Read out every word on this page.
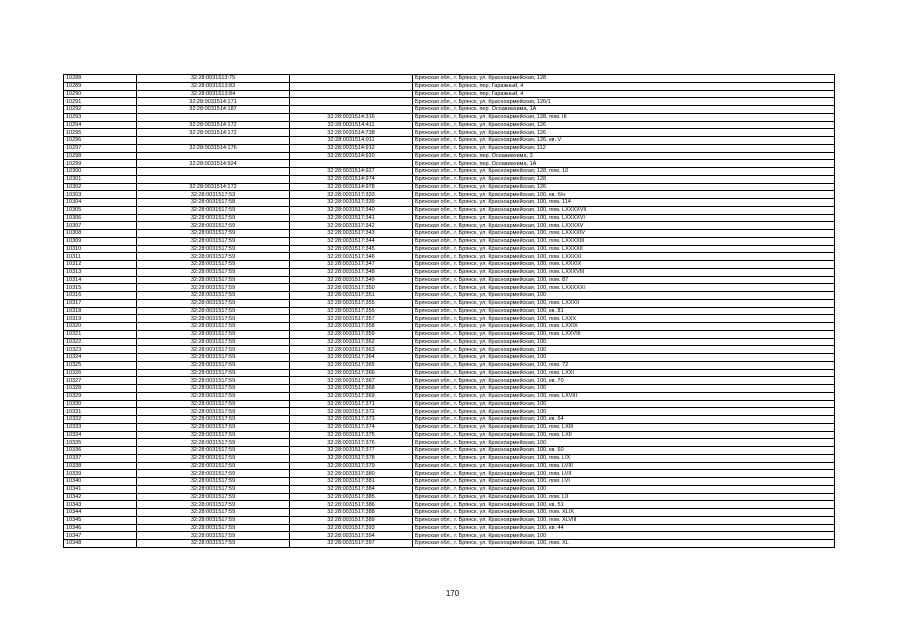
10288	32:28:0031513:75		Брянская обл., г. Брянск, ул. Красноармейская, 128
10289	32:28:0031513:83		Брянская обл., г. Брянск, пер. Гаражный, 4
10290	32:28:0031513:84		Брянская обл., г. Брянск, пер. Гаражный, 4
10291	32:28:0031514:171		Брянская обл., г. Брянск, ул. Красноармейская, 126/1
10292	32:28:0031514:187		Брянская обл., г. Брянск, пер. Осоавиахима, 1А
10293		32:28:0031514:316	Брянская обл., г. Брянск, ул. Красноармейская, 128, пом. III
10294	32:28:0031514:172	32:28:0031514:411	Брянская обл., г. Брянск, ул. Красноармейская, 126
10295	32:28:0031514:172	32:28:0031514:738	Брянская обл., г. Брянск, ул. Красноармейская, 126
10296		32:28:0031514:911	Брянская обл., г. Брянск, ул. Красноармейская, 126, кв. V
10297	32:28:0031514:176	32:28:0031514:912	Брянская обл., г. Брянск, ул. Красноармейская, 112
10298		32:28:0031514:920	Брянская обл., г. Брянск, пер. Осоавиахима, 3
10299	32:28:0031514:924		Брянская обл., г. Брянск, пер. Осоавиахима, 1А
10300		32:28:0031514:927	Брянская обл., г. Брянск, ул. Красноармейская, 128, пом. 10
10301		32:28:0031514:974	Брянская обл., г. Брянск, ул. Красноармейская, 128
10302	32:28:0031514:172	32:28:0031514:978	Брянская обл., г. Брянск, ул. Красноармейская, 126
10303	32:28:0031517:53	32:28:0031517:333	Брянская обл., г. Брянск, ул. Красноармейская, 100, кв. б/н
10304	32:28:0031517:58	32:28:0031517:339	Брянская обл., г. Брянск, ул. Красноармейская, 100, пом. 114
10305	32:28:0031517:59	32:28:0031517:340	Брянская обл., г. Брянск, ул. Красноармейская, 100, пом. LXXXXVII
10306	32:28:0031517:59	32:28:0031517:341	Брянская обл., г. Брянск, ул. Красноармейская, 100, пом. LXXXXVI
10307	32:28:0031517:59	32:28:0031517:342	Брянская обл., г. Брянск, ул. Красноармейская, 100, пом. LXXXXV
10308	32:28:0031517:59	32:28:0031517:343	Брянская обл., г. Брянск, ул. Красноармейская, 100, пом. LXXXXIV
10309	32:28:0031517:59	32:28:0031517:344	Брянская обл., г. Брянск, ул. Красноармейская, 100, пом. LXXXXIII
10310	32:28:0031517:59	32:28:0031517:345	Брянская обл., г. Брянск, ул. Красноармейская, 100, пом. LXXXXII
10311	32:28:0031517:59	32:28:0031517:346	Брянская обл., г. Брянск, ул. Красноармейская, 100, пом. LXXXXI
10312	32:28:0031517:59	32:28:0031517:347	Брянская обл., г. Брянск, ул. Красноармейская, 100, пом. LXXXIX
10313	32:28:0031517:59	32:28:0031517:348	Брянская обл., г. Брянск, ул. Красноармейская, 100, пом. LXXXVIII
10314	32:28:0031517:59	32:28:0031517:349	Брянская обл., г. Брянск, ул. Красноармейская, 100, пом. 87
10315	32:28:0031517:59	32:28:0031517:350	Брянская обл., г. Брянск, ул. Красноармейская, 100, пом. LXXXXXI
10316	32:28:0031517:59	32:28:0031517:351	Брянская обл., г. Брянск, ул. Красноармейская, 100
10317	32:28:0031517:59	32:28:0031517:355	Брянская обл., г. Брянск, ул. Красноармейская, 100, пом. LXXXII
10318	32:28:0031517:59	32:28:0031517:356	Брянская обл., г. Брянск, ул. Красноармейская, 100, кв. 81
10319	32:28:0031517:59	32:28:0031517:357	Брянская обл., г. Брянск, ул. Красноармейская, 100, пом. LXXX
10320	32:28:0031517:59	32:28:0031517:358	Брянская обл., г. Брянск, ул. Красноармейская, 100, пом. LXXIX
10321	32:28:0031517:59	32:28:0031517:359	Брянская обл., г. Брянск, ул. Красноармейская, 100, пом. LXXVIII
10322	32:28:0031517:59	32:28:0031517:362	Брянская обл., г. Брянск, ул. Красноармейская, 100
10323	32:28:0031517:59	32:28:0031517:363	Брянская обл., г. Брянск, ул. Красноармейская, 100
10324	32:28:0031517:59	32:28:0031517:364	Брянская обл., г. Брянск, ул. Красноармейская, 100
10325	32:28:0031517:59	32:28:0031517:365	Брянская обл., г. Брянск, ул. Красноармейская, 100, пом. 72
10326	32:28:0031517:59	32:28:0031517:366	Брянская обл., г. Брянск, ул. Красноармейская, 100, пом. LXXI
10327	32:28:0031517:59	32:28:0031517:367	Брянская обл., г. Брянск, ул. Красноармейская, 100, кв. 70
10328	32:28:0031517:59	32:28:0031517:368	Брянская обл., г. Брянск, ул. Красноармейская, 100
10329	32:28:0031517:59	32:28:0031517:369	Брянская обл., г. Брянск, ул. Красноармейская, 100, пом. LXVIII
10330	32:28:0031517:59	32:28:0031517:371	Брянская обл., г. Брянск, ул. Красноармейская, 100
10331	32:28:0031517:59	32:28:0031517:372	Брянская обл., г. Брянск, ул. Красноармейская, 100
10332	32:28:0031517:59	32:28:0031517:373	Брянская обл., г. Брянск, ул. Красноармейская, 100, кв. 64
10333	32:28:0031517:59	32:28:0031517:374	Брянская обл., г. Брянск, ул. Красноармейская, 100, пом. LXIII
10334	32:28:0031517:59	32:28:0031517:375	Брянская обл., г. Брянск, ул. Красноармейская, 100, пом. LXII
10335	32:28:0031517:59	32:28:0031517:376	Брянская обл., г. Брянск, ул. Красноармейская, 100
10336	32:28:0031517:59	32:28:0031517:377	Брянская обл., г. Брянск, ул. Красноармейская, 100, кв. 60
10337	32:28:0031517:59	32:28:0031517:378	Брянская обл., г. Брянск, ул. Красноармейская, 100, пом. LIX
10338	32:28:0031517:59	32:28:0031517:379	Брянская обл., г. Брянск, ул. Красноармейская, 100, пом. LVIII
10339	32:28:0031517:59	32:28:0031517:380	Брянская обл., г. Брянск, ул. Красноармейская, 100, пом. LVII
10340	32:28:0031517:59	32:28:0031517:381	Брянская обл., г. Брянск, ул. Красноармейская, 100, пом. LVI
10341	32:28:0031517:59	32:28:0031517:384	Брянская обл., г. Брянск, ул. Красноармейская, 100
10342	32:28:0031517:59	32:28:0031517:385	Брянская обл., г. Брянск, ул. Красноармейская, 100, пом. LII
10343	32:28:0031517:59	32:28:0031517:386	Брянская обл., г. Брянск, ул. Красноармейская, 100, кв. 51
10344	32:28:0031517:59	32:28:0031517:388	Брянская обл., г. Брянск, ул. Красноармейская, 100, пом. XLIX
10345	32:28:0031517:59	32:28:0031517:389	Брянская обл., г. Брянск, ул. Красноармейская, 100, пом. XLVIII
10346	32:28:0031517:59	32:28:0031517:393	Брянская обл., г. Брянск, ул. Красноармейская, 100, кв. 44
10347	32:28:0031517:59	32:28:0031517:394	Брянская обл., г. Брянск, ул. Красноармейская, 100
10348	32:28:0031517:59	32:28:0031517:397	Брянская обл., г. Брянск, ул. Красноармейская, 100, пом. XL
170
